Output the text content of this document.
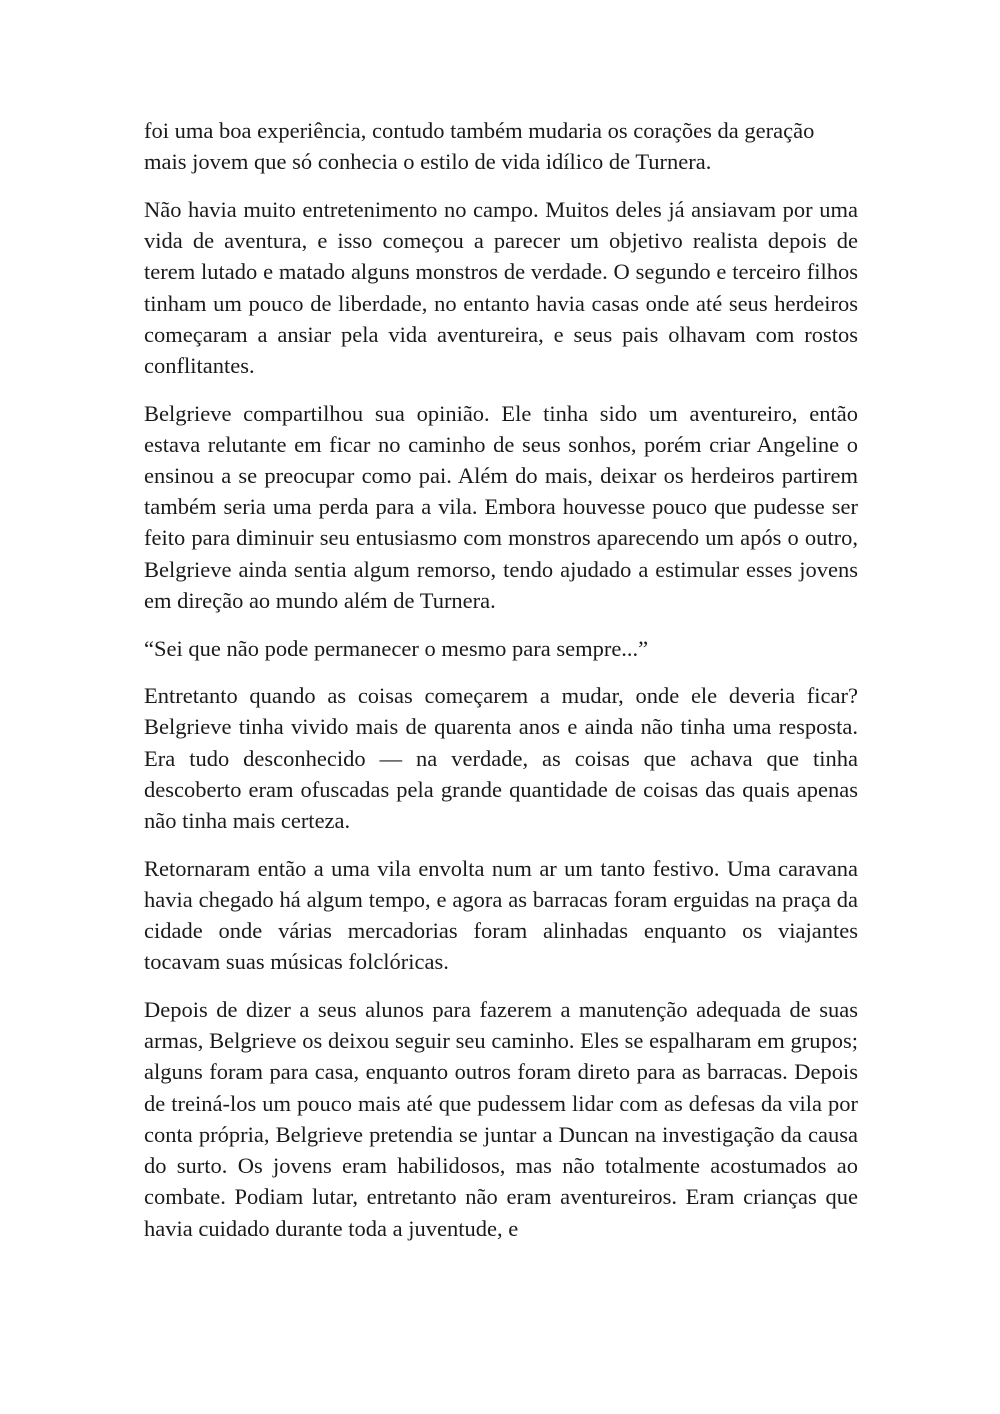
foi uma boa experiência, contudo também mudaria os corações da geração mais jovem que só conhecia o estilo de vida idílico de Turnera.

Não havia muito entretenimento no campo. Muitos deles já ansiavam por uma vida de aventura, e isso começou a parecer um objetivo realista depois de terem lutado e matado alguns monstros de verdade. O segundo e terceiro filhos tinham um pouco de liberdade, no entanto havia casas onde até seus herdeiros começaram a ansiar pela vida aventureira, e seus pais olhavam com rostos conflitantes.

Belgrieve compartilhou sua opinião. Ele tinha sido um aventureiro, então estava relutante em ficar no caminho de seus sonhos, porém criar Angeline o ensinou a se preocupar como pai. Além do mais, deixar os herdeiros partirem também seria uma perda para a vila. Embora houvesse pouco que pudesse ser feito para diminuir seu entusiasmo com monstros aparecendo um após o outro, Belgrieve ainda sentia algum remorso, tendo ajudado a estimular esses jovens em direção ao mundo além de Turnera.

“Sei que não pode permanecer o mesmo para sempre...”

Entretanto quando as coisas começarem a mudar, onde ele deveria ficar? Belgrieve tinha vivido mais de quarenta anos e ainda não tinha uma resposta. Era tudo desconhecido — na verdade, as coisas que achava que tinha descoberto eram ofuscadas pela grande quantidade de coisas das quais apenas não tinha mais certeza.

Retornaram então a uma vila envolta num ar um tanto festivo. Uma caravana havia chegado há algum tempo, e agora as barracas foram erguidas na praça da cidade onde várias mercadorias foram alinhadas enquanto os viajantes tocavam suas músicas folclóricas.

Depois de dizer a seus alunos para fazerem a manutenção adequada de suas armas, Belgrieve os deixou seguir seu caminho. Eles se espalharam em grupos; alguns foram para casa, enquanto outros foram direto para as barracas. Depois de treiná-los um pouco mais até que pudessem lidar com as defesas da vila por conta própria, Belgrieve pretendia se juntar a Duncan na investigação da causa do surto. Os jovens eram habilidosos, mas não totalmente acostumados ao combate. Podiam lutar, entretanto não eram aventureiros. Eram crianças que havia cuidado durante toda a juventude, e
